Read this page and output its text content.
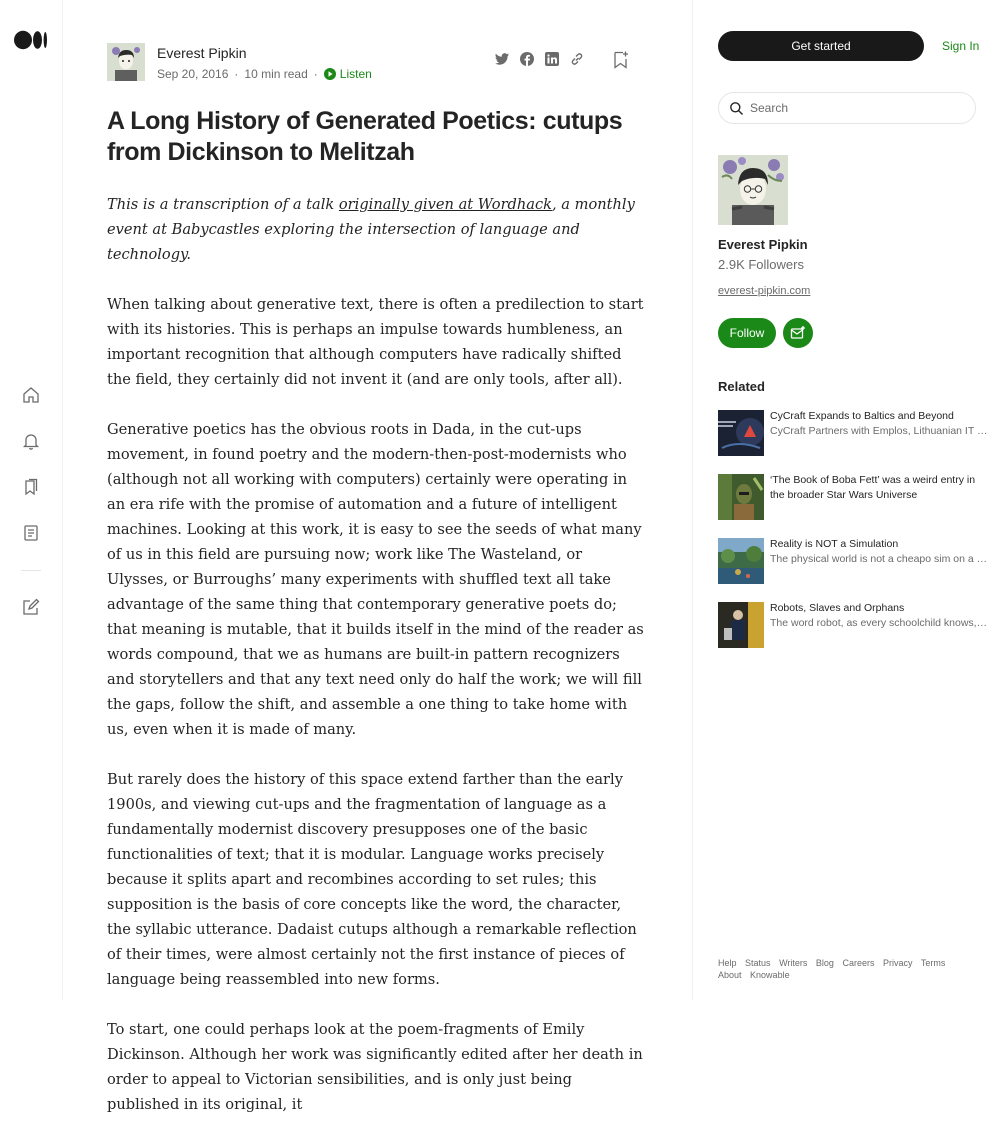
Everest Pipkin
Sep 20, 2016 · 10 min read · Listen
A Long History of Generated Poetics: cutups from Dickinson to Melitzah

This is a transcription of a talk originally given at Wordhack, a monthly event at Babycastles exploring the intersection of language and technology.

When talking about generative text, there is often a predilection to start with its histories. This is perhaps an impulse towards humbleness, an important recognition that although computers have radically shifted the field, they certainly did not invent it (and are only tools, after all).

Generative poetics has the obvious roots in Dada, in the cut-ups movement, in found poetry and the modern-then-post-modernists who (although not all working with computers) certainly were operating in an era rife with the promise of automation and a future of intelligent machines. Looking at this work, it is easy to see the seeds of what many of us in this field are pursuing now; work like The Wasteland, or Ulysses, or Burroughs’ many experiments with shuffled text all take advantage of the same thing that contemporary generative poets do; that meaning is mutable, that it builds itself in the mind of the reader as words compound, that we as humans are built-in pattern recognizers and storytellers and that any text need only do half the work; we will fill the gaps, follow the shift, and assemble a one thing to take home with us, even when it is made of many.

But rarely does the history of this space extend farther than the early 1900s, and viewing cut-ups and the fragmentation of language as a fundamentally modernist discovery presupposes one of the basic functionalities of text; that it is modular. Language works precisely because it splits apart and recombines according to set rules; this supposition is the basis of core concepts like the word, the character, the syllabic utterance. Dadaist cutups although a remarkable reflection of their times, were almost certainly not the first instance of pieces of language being reassembled into new forms.

To start, one could perhaps look at the poem-fragments of Emily Dickinson. Although her work was significantly edited after her death in order to appeal to Victorian sensibilities, and is only just being published in its original, it

Get started	Sign In
Search
Everest Pipkin
2.9K Followers
everest-pipkin.com
Follow
Related
CyCraft Expands to Baltics and Beyond
CyCraft Partners with Emplos, Lithuanian IT …
‘The Book of Boba Fett’ was a weird entry in the broader Star Wars Universe
Reality is NOT a Simulation
The physical world is not a cheapo sim on a …
Robots, Slaves and Orphans
The word robot, as every schoolchild knows,…
Help Status Writers Blog Careers Privacy Terms About Knowable
